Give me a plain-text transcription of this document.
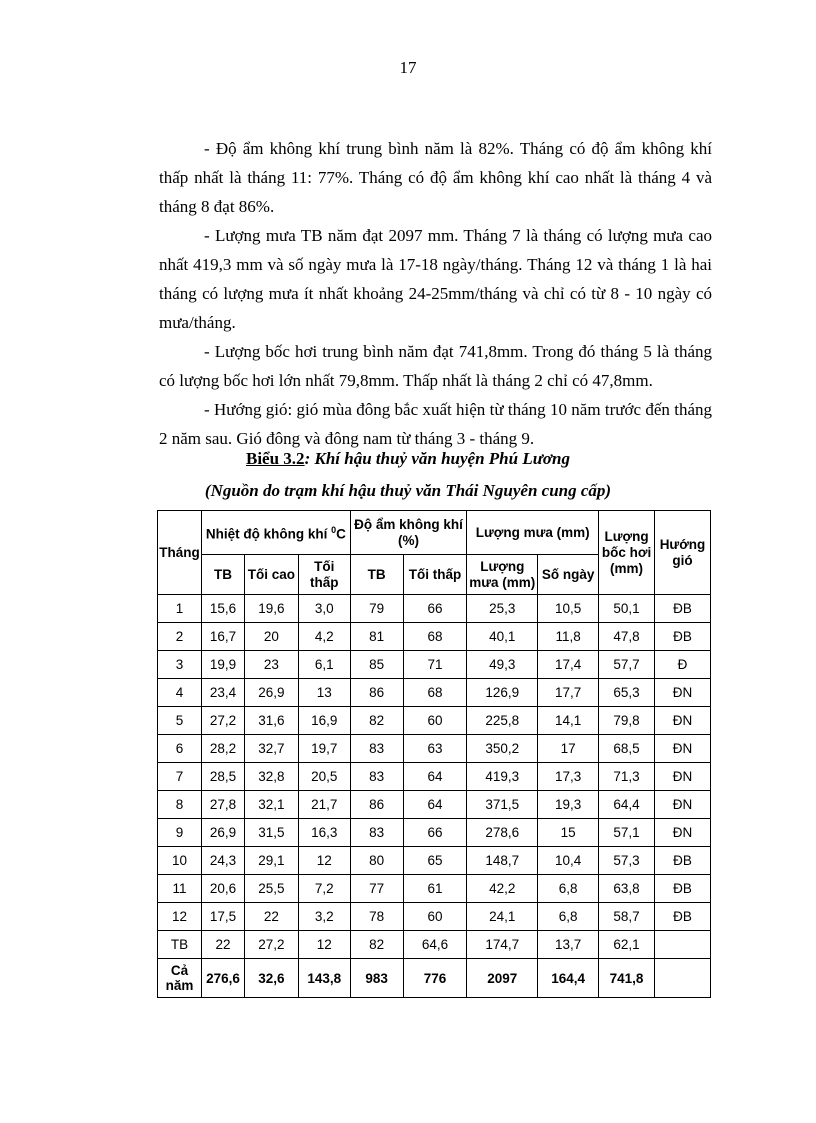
17

- Độ ẩm không khí trung bình năm là 82%. Tháng có độ ẩm không khí thấp nhất là tháng 11: 77%. Tháng có độ ẩm không khí cao nhất là tháng 4 và tháng 8 đạt 86%.

- Lượng mưa TB năm đạt 2097 mm. Tháng 7 là tháng có lượng mưa cao nhất 419,3 mm và số ngày mưa là 17-18 ngày/tháng. Tháng 12 và tháng 1 là hai tháng có lượng mưa ít nhất khoảng 24-25mm/tháng và chỉ có từ 8 - 10 ngày có mưa/tháng.

- Lượng bốc hơi trung bình năm đạt 741,8mm. Trong đó tháng 5 là tháng có lượng bốc hơi lớn nhất 79,8mm. Thấp nhất là tháng 2 chỉ có 47,8mm.

- Hướng gió: gió mùa đông bắc xuất hiện từ tháng 10 năm trước đến tháng 2 năm sau. Gió đông và đông nam từ tháng 3 - tháng 9.

Biểu 3.2: Khí hậu thuỷ văn huyện Phú Lương

(Nguồn do trạm khí hậu thuỷ văn Thái Nguyên cung cấp)

Tháng	Nhiệt độ không khí $^0$C			Độ ẩm không khí (%)		Lượng mưa (mm)		Lượng bốc hơi (mm)	Hướng gió
	TB	Tối cao	Tối thấp	TB	Tối thấp	Lượng mưa (mm)	Số ngày		
1	15,6	19,6	3,0	79	66	25,3	10,5	50,1	ĐB
2	16,7	20	4,2	81	68	40,1	11,8	47,8	ĐB
3	19,9	23	6,1	85	71	49,3	17,4	57,7	Đ
4	23,4	26,9	13	86	68	126,9	17,7	65,3	ĐN
5	27,2	31,6	16,9	82	60	225,8	14,1	79,8	ĐN
6	28,2	32,7	19,7	83	63	350,2	17	68,5	ĐN
7	28,5	32,8	20,5	83	64	419,3	17,3	71,3	ĐN
8	27,8	32,1	21,7	86	64	371,5	19,3	64,4	ĐN
9	26,9	31,5	16,3	83	66	278,6	15	57,1	ĐN
10	24,3	29,1	12	80	65	148,7	10,4	57,3	ĐB
11	20,6	25,5	7,2	77	61	42,2	6,8	63,8	ĐB
12	17,5	22	3,2	78	60	24,1	6,8	58,7	ĐB
TB	22	27,2	12	82	64,6	174,7	13,7	62,1	
Cả năm	276,6	32,6	143,8	983	776	2097	164,4	741,8	
